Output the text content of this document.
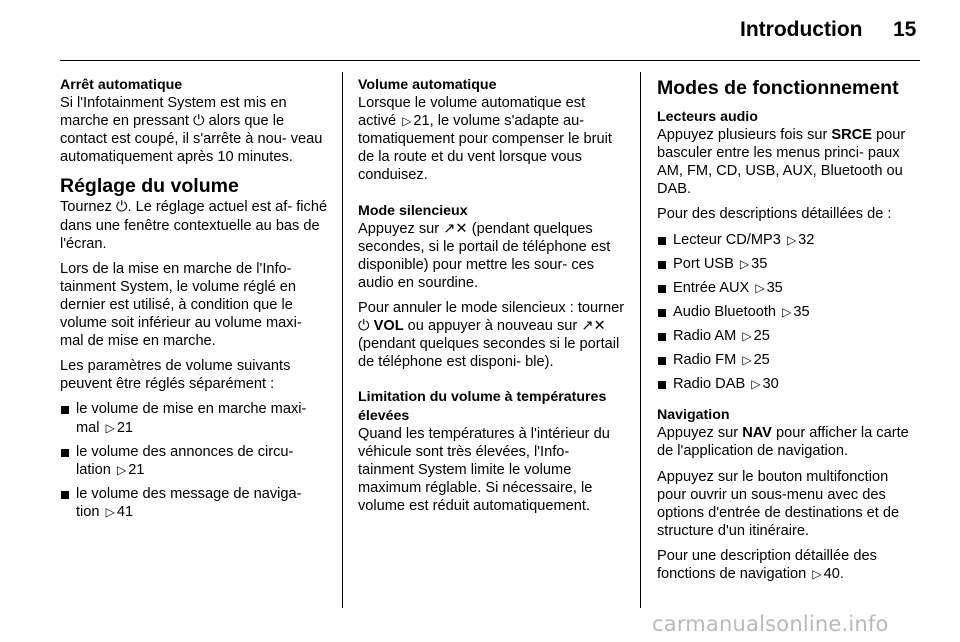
Introduction 15
Arrêt automatique

Si l'Infotainment System est mis en marche en pressant ⏻ alors que le contact est coupé, il s'arrête à nou- veau automatiquement après 10 minutes.

Réglage du volume

Tournez ⏻. Le réglage actuel est af- fiché dans une fenêtre contextuelle au bas de l'écran.

Lors de la mise en marche de l'Info- tainment System, le volume réglé en dernier est utilisé, à condition que le volume soit inférieur au volume maxi- mal de mise en marche.

Les paramètres de volume suivants peuvent être réglés séparément :

le volume de mise en marche maxi- mal ▷ 21
le volume des annonces de circu- lation ▷ 21
le volume des message de naviga- tion ▷ 41
Volume automatique

Lorsque le volume automatique est activé ▷ 21, le volume s'adapte au- tomatiquement pour compenser le bruit de la route et du vent lorsque vous conduisez.

Mode silencieux

Appuyez sur ↗✕ (pendant quelques secondes, si le portail de téléphone est disponible) pour mettre les sour- ces audio en sourdine.

Pour annuler le mode silencieux : tourner ⏻ VOL ou appuyer à nouveau sur ↗✕ (pendant quelques secondes si le portail de téléphone est disponi- ble).

Limitation du volume à températures élevées

Quand les températures à l'intérieur du véhicule sont très élevées, l'Info- tainment System limite le volume maximum réglable. Si nécessaire, le volume est réduit automatiquement.

Modes de fonctionnement
Lecteurs audio

Appuyez plusieurs fois sur SRCE pour basculer entre les menus princi- paux AM, FM, CD, USB, AUX, Bluetooth ou DAB.

Pour des descriptions détaillées de :

Lecteur CD/MP3 ▷ 32
Port USB ▷ 35
Entrée AUX ▷ 35
Audio Bluetooth ▷ 35
Radio AM ▷ 25
Radio FM ▷ 25
Radio DAB ▷ 30
Navigation

Appuyez sur NAV pour afficher la carte de l'application de navigation.

Appuyez sur le bouton multifonction pour ouvrir un sous-menu avec des options d'entrée de destinations et de structure d'un itinéraire.

Pour une description détaillée des fonctions de navigation ▷ 40.

carmanualsonline.info
